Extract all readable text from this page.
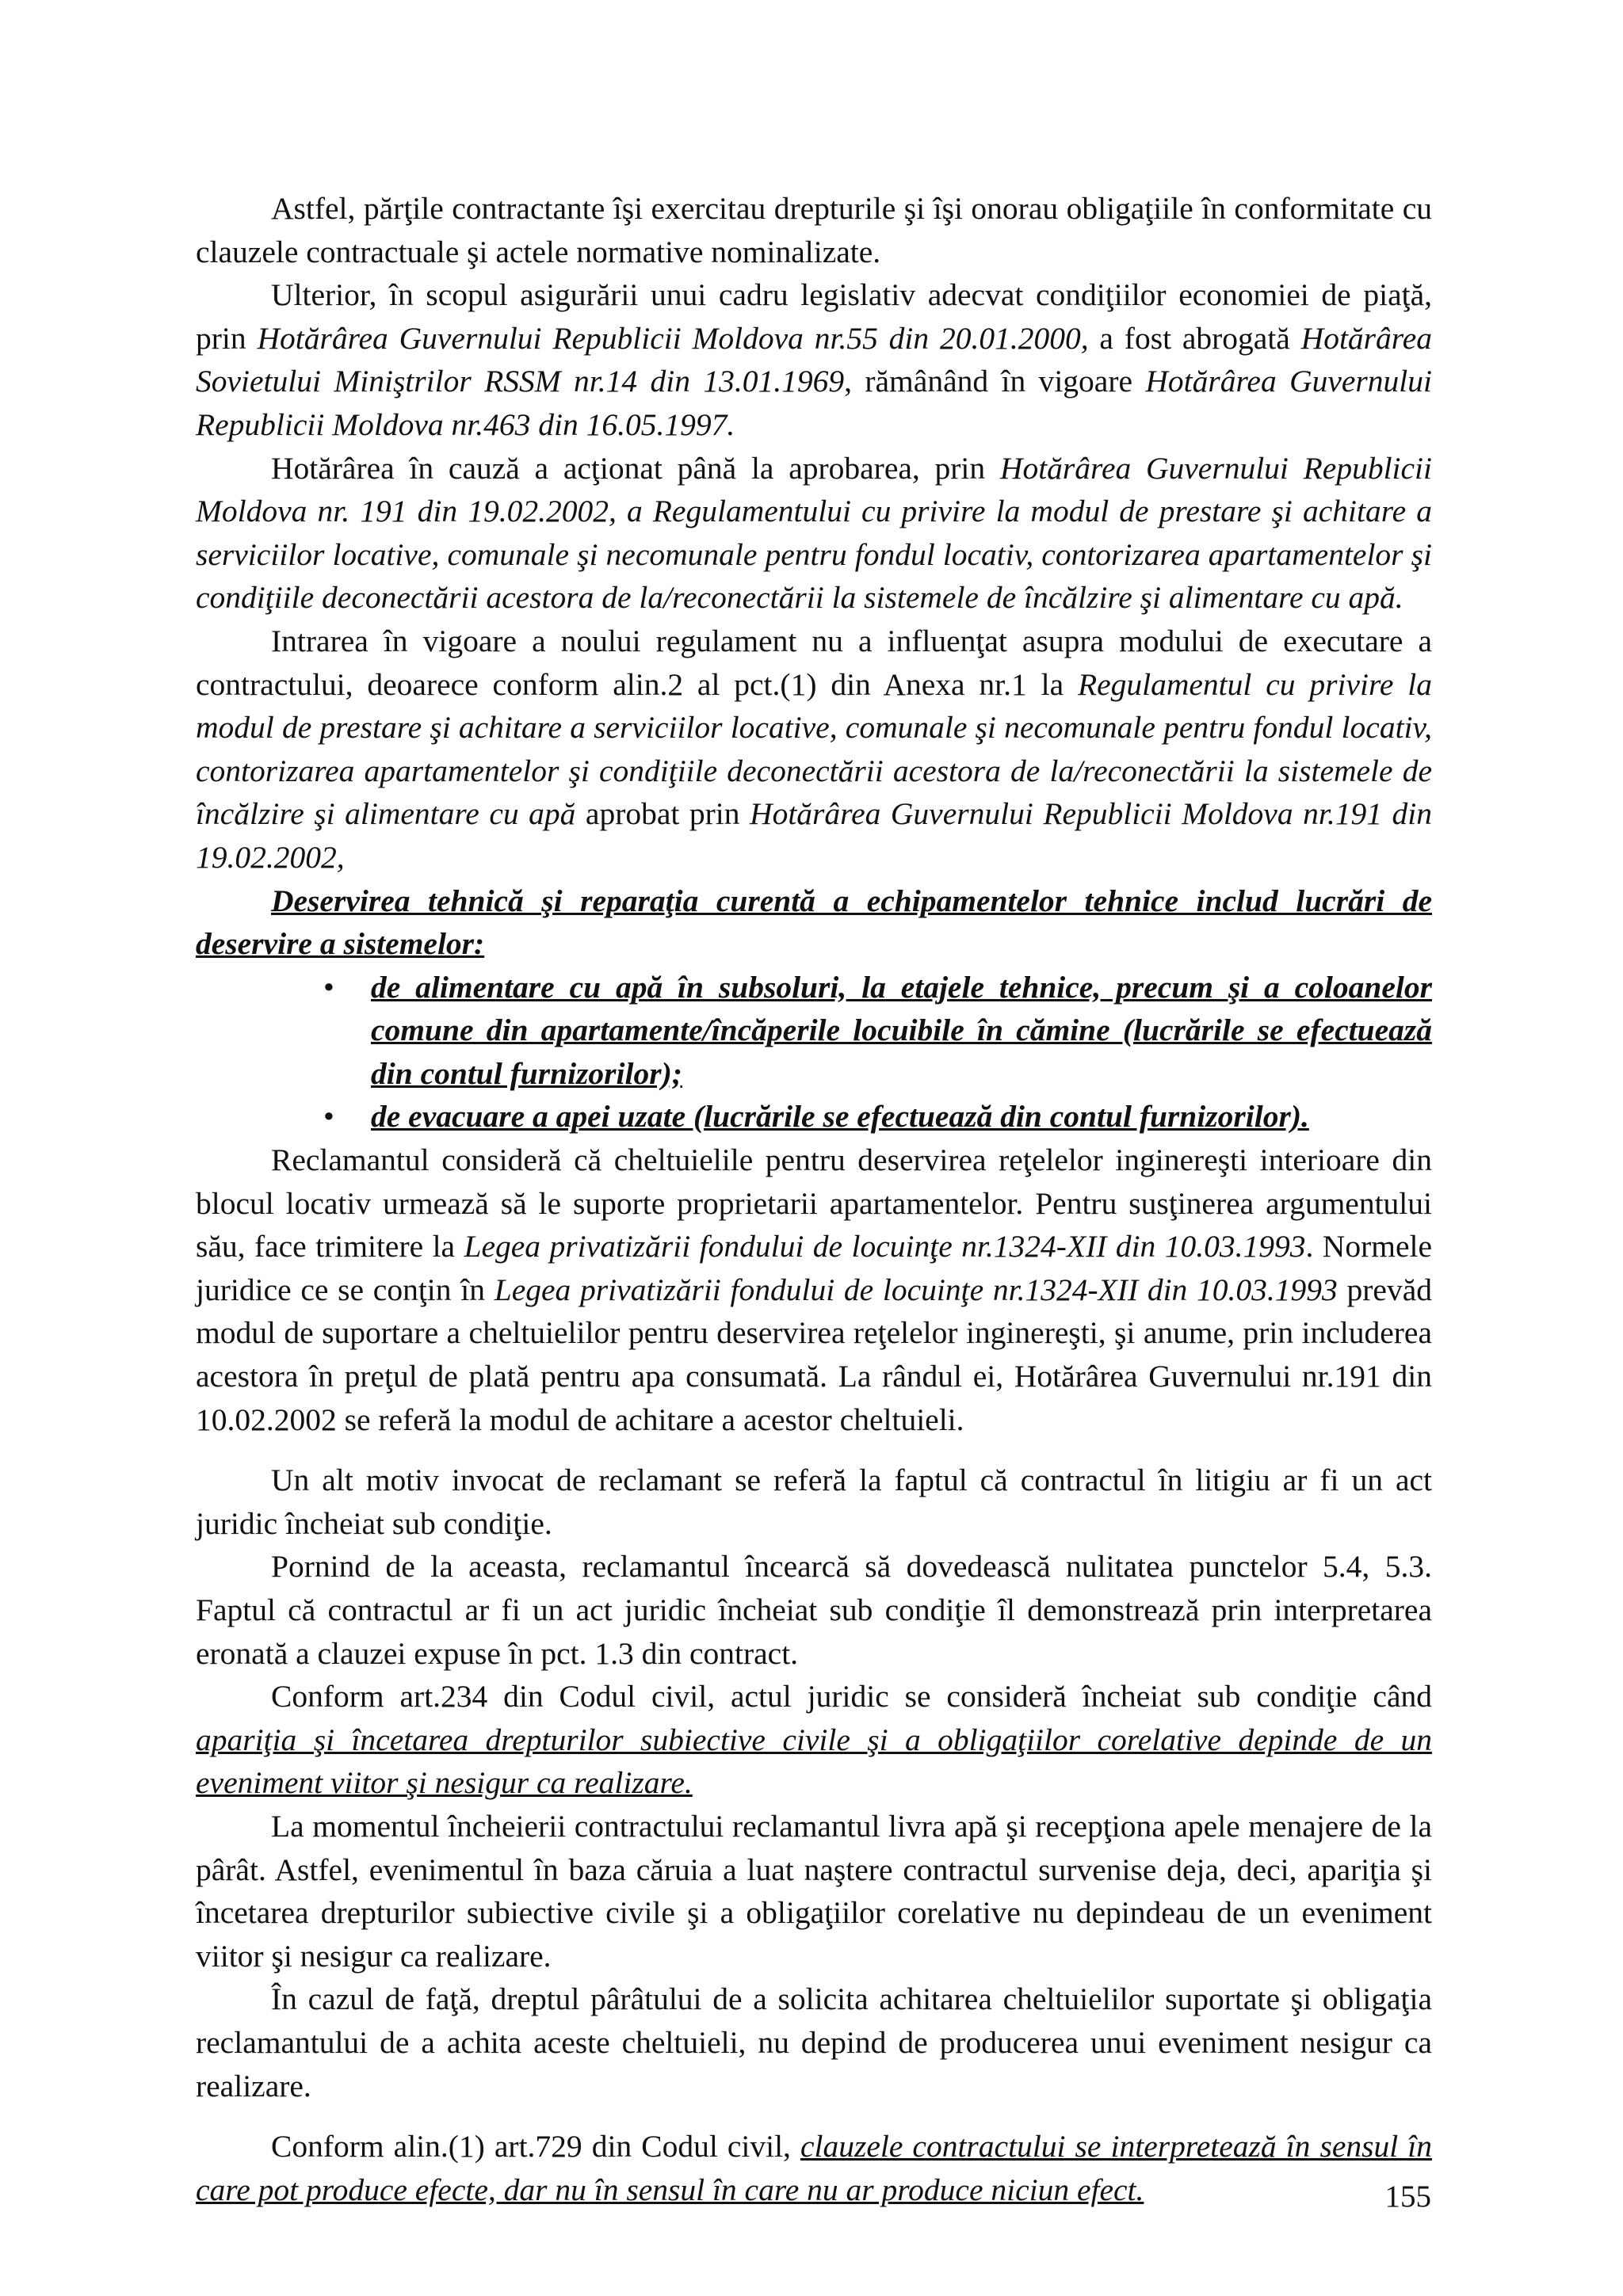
Astfel, părţile contractante îşi exercitau drepturile şi îşi onorau obligaţiile în conformitate cu clauzele contractuale şi actele normative nominalizate.

Ulterior, în scopul asigurării unui cadru legislativ adecvat condiţiilor economiei de piaţă, prin Hotărârea Guvernului Republicii Moldova nr.55 din 20.01.2000, a fost abrogată Hotărârea Sovietului Miniştrilor RSSM nr.14 din 13.01.1969, rămânând în vigoare Hotărârea Guvernului Republicii Moldova nr.463 din 16.05.1997.

Hotărârea în cauză a acţionat până la aprobarea, prin Hotărârea Guvernului Republicii Moldova nr. 191 din 19.02.2002, a Regulamentului cu privire la modul de prestare şi achitare a serviciilor locative, comunale şi necomunale pentru fondul locativ, contorizarea apartamentelor şi condiţiile deconectării acestora de la/reconectării la sistemele de încălzire şi alimentare cu apă.

Intrarea în vigoare a noului regulament nu a influenţat asupra modului de executare a contractului, deoarece conform alin.2 al pct.(1) din Anexa nr.1 la Regulamentul cu privire la modul de prestare şi achitare a serviciilor locative, comunale şi necomunale pentru fondul locativ, contorizarea apartamentelor şi condiţiile deconectării acestora de la/reconectării la sistemele de încălzire şi alimentare cu apă aprobat prin Hotărârea Guvernului Republicii Moldova nr.191 din 19.02.2002,

Deservirea tehnică şi reparaţia curentă a echipamentelor tehnice includ lucrări de deservire a sistemelor:

• de alimentare cu apă în subsoluri, la etajele tehnice, precum şi a coloanelor comune din apartamente/încăperile locuibile în cămine (lucrările se efectuează din contul furnizorilor);
• de evacuare a apei uzate (lucrările se efectuează din contul furnizorilor).

Reclamantul consideră că cheltuielile pentru deservirea reţelelor inginereşti interioare din blocul locativ urmează să le suporte proprietarii apartamentelor. Pentru susţinerea argumentului său, face trimitere la Legea privatizării fondului de locuinţe nr.1324-XII din 10.03.1993. Normele juridice ce se conţin în Legea privatizării fondului de locuinţe nr.1324-XII din 10.03.1993 prevăd modul de suportare a cheltuielilor pentru deservirea reţelelor inginereşti, şi anume, prin includerea acestora în preţul de plată pentru apa consumată. La rândul ei, Hotărârea Guvernului nr.191 din 10.02.2002 se referă la modul de achitare a acestor cheltuieli.

Un alt motiv invocat de reclamant se referă la faptul că contractul în litigiu ar fi un act juridic încheiat sub condiţie.

Pornind de la aceasta, reclamantul încearcă să dovedească nulitatea punctelor 5.4, 5.3. Faptul că contractul ar fi un act juridic încheiat sub condiţie îl demonstrează prin interpretarea eronată a clauzei expuse în pct. 1.3 din contract.

Conform art.234 din Codul civil, actul juridic se consideră încheiat sub condiţie când apariţia şi încetarea drepturilor subiective civile şi a obligaţiilor corelative depinde de un eveniment viitor şi nesigur ca realizare.

La momentul încheierii contractului reclamantul livra apă şi recepţiona apele menajere de la pârât. Astfel, evenimentul în baza căruia a luat naştere contractul survenise deja, deci, apariţia şi încetarea drepturilor subiective civile şi a obligaţiilor corelative nu depindeau de un eveniment viitor şi nesigur ca realizare.

În cazul de faţă, dreptul pârâtului de a solicita achitarea cheltuielilor suportate şi obligaţia reclamantului de a achita aceste cheltuieli, nu depind de producerea unui eveniment nesigur ca realizare.

Conform alin.(1) art.729 din Codul civil, clauzele contractului se interpretează în sensul în care pot produce efecte, dar nu în sensul în care nu ar produce niciun efect.	155
